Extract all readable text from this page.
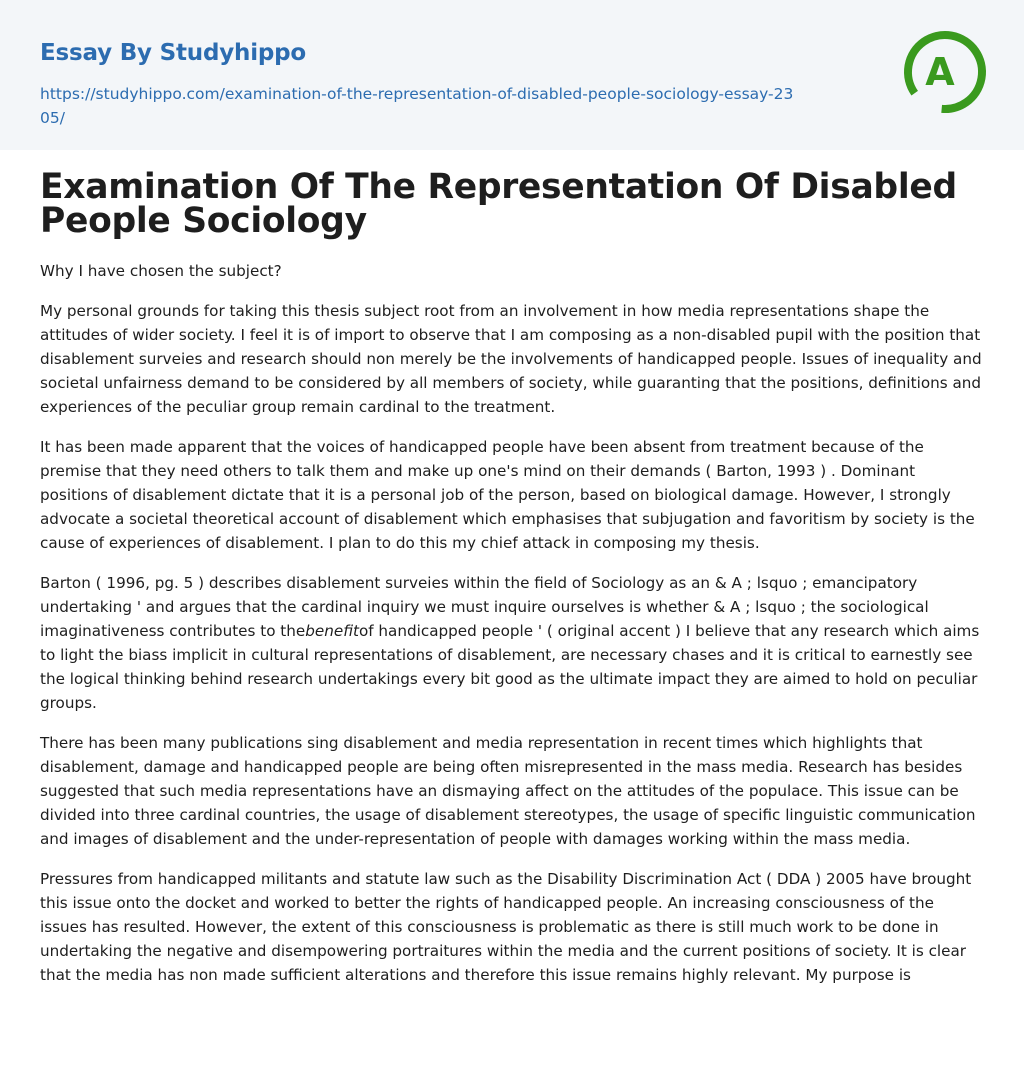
Essay By Studyhippo
https://studyhippo.com/examination-of-the-representation-of-disabled-people-sociology-essay-2305/
A
Examination Of The Representation Of Disabled People Sociology

Why I have chosen the subject?

My personal grounds for taking this thesis subject root from an involvement in how media representations shape the attitudes of wider society. I feel it is of import to observe that I am composing as a non-disabled pupil with the position that disablement surveies and research should non merely be the involvements of handicapped people. Issues of inequality and societal unfairness demand to be considered by all members of society, while guaranting that the positions, definitions and experiences of the peculiar group remain cardinal to the treatment.

It has been made apparent that the voices of handicapped people have been absent from treatment because of the premise that they need others to talk them and make up one's mind on their demands ( Barton, 1993 ) . Dominant positions of disablement dictate that it is a personal job of the person, based on biological damage. However, I strongly advocate a societal theoretical account of disablement which emphasises that subjugation and favoritism by society is the cause of experiences of disablement. I plan to do this my chief attack in composing my thesis.

Barton ( 1996, pg. 5 ) describes disablement surveies within the field of Sociology as an & A ; lsquo ; emancipatory undertaking ' and argues that the cardinal inquiry we must inquire ourselves is whether & A ; lsquo ; the sociological imaginativeness contributes to thebenefitof handicapped people ' ( original accent ) I believe that any research which aims to light the biass implicit in cultural representations of disablement, are necessary chases and it is critical to earnestly see the logical thinking behind research undertakings every bit good as the ultimate impact they are aimed to hold on peculiar groups.

There has been many publications sing disablement and media representation in recent times which highlights that disablement, damage and handicapped people are being often misrepresented in the mass media. Research has besides suggested that such media representations have an dismaying affect on the attitudes of the populace. This issue can be divided into three cardinal countries, the usage of disablement stereotypes, the usage of specific linguistic communication and images of disablement and the under-representation of people with damages working within the mass media.

Pressures from handicapped militants and statute law such as the Disability Discrimination Act ( DDA ) 2005 have brought this issue onto the docket and worked to better the rights of handicapped people. An increasing consciousness of the issues has resulted. However, the extent of this consciousness is problematic as there is still much work to be done in undertaking the negative and disempowering portraitures within the media and the current positions of society. It is clear that the media has non made sufficient alterations and therefore this issue remains highly relevant. My purpose is
